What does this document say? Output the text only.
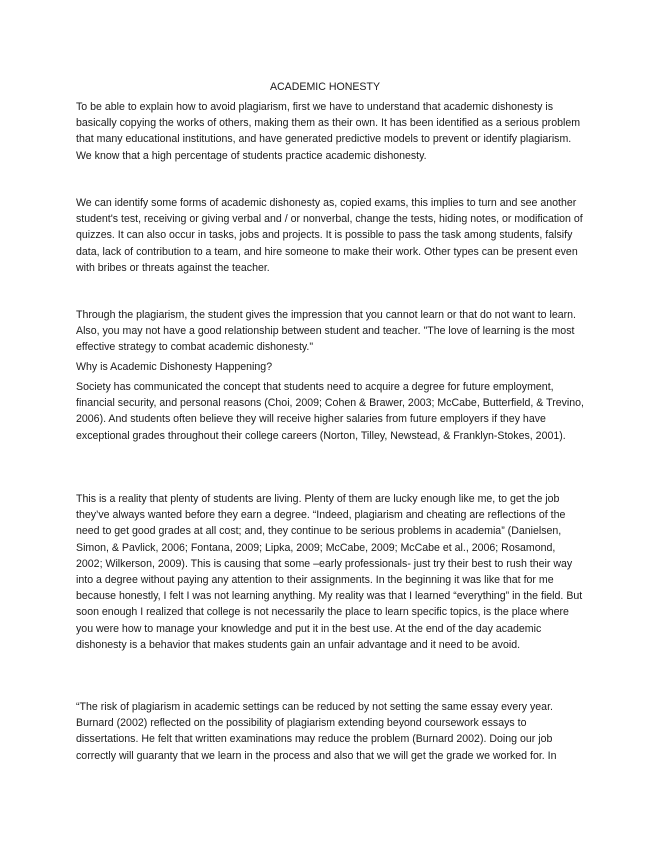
ACADEMIC HONESTY

To be able to explain how to avoid plagiarism, first we have to understand that academic dishonesty is basically copying the works of others, making them as their own. It has been identified as a serious problem that many educational institutions, and have generated predictive models to prevent or identify plagiarism. We know that a high percentage of students practice academic dishonesty.

We can identify some forms of academic dishonesty as, copied exams, this implies to turn and see another student's test, receiving or giving verbal and / or nonverbal, change the tests, hiding notes, or modification of quizzes. It can also occur in tasks, jobs and projects. It is possible to pass the task among students, falsify data, lack of contribution to a team, and hire someone to make their work. Other types can be present even with bribes or threats against the teacher.

Through the plagiarism, the student gives the impression that you cannot learn or that do not want to learn. Also, you may not have a good relationship between student and teacher. "The love of learning is the most effective strategy to combat academic dishonesty."

Why is Academic Dishonesty Happening?

Society has communicated the concept that students need to acquire a degree for future employment, financial security, and personal reasons (Choi, 2009; Cohen & Brawer, 2003; McCabe, Butterfield, & Trevino, 2006). And students often believe they will receive higher salaries from future employers if they have exceptional grades throughout their college careers (Norton, Tilley, Newstead, & Franklyn-Stokes, 2001).

This is a reality that plenty of students are living. Plenty of them are lucky enough like me, to get the job they’ve always wanted before they earn a degree. “Indeed, plagiarism and cheating are reflections of the need to get good grades at all cost; and, they continue to be serious problems in academia” (Danielsen, Simon, & Pavlick, 2006; Fontana, 2009; Lipka, 2009; McCabe, 2009; McCabe et al., 2006; Rosamond, 2002; Wilkerson, 2009). This is causing that some –early professionals- just try their best to rush their way into a degree without paying any attention to their assignments. In the beginning it was like that for me because honestly, I felt I was not learning anything. My reality was that I learned “everything” in the field. But soon enough I realized that college is not necessarily the place to learn specific topics, is the place where you were how to manage your knowledge and put it in the best use. At the end of the day academic dishonesty is a behavior that makes students gain an unfair advantage and it need to be avoid.

“The risk of plagiarism in academic settings can be reduced by not setting the same essay every year. Burnard (2002) reflected on the possibility of plagiarism extending beyond coursework essays to dissertations. He felt that written examinations may reduce the problem (Burnard 2002). Doing our job correctly will guaranty that we learn in the process and also that we will get the grade we worked for. In
